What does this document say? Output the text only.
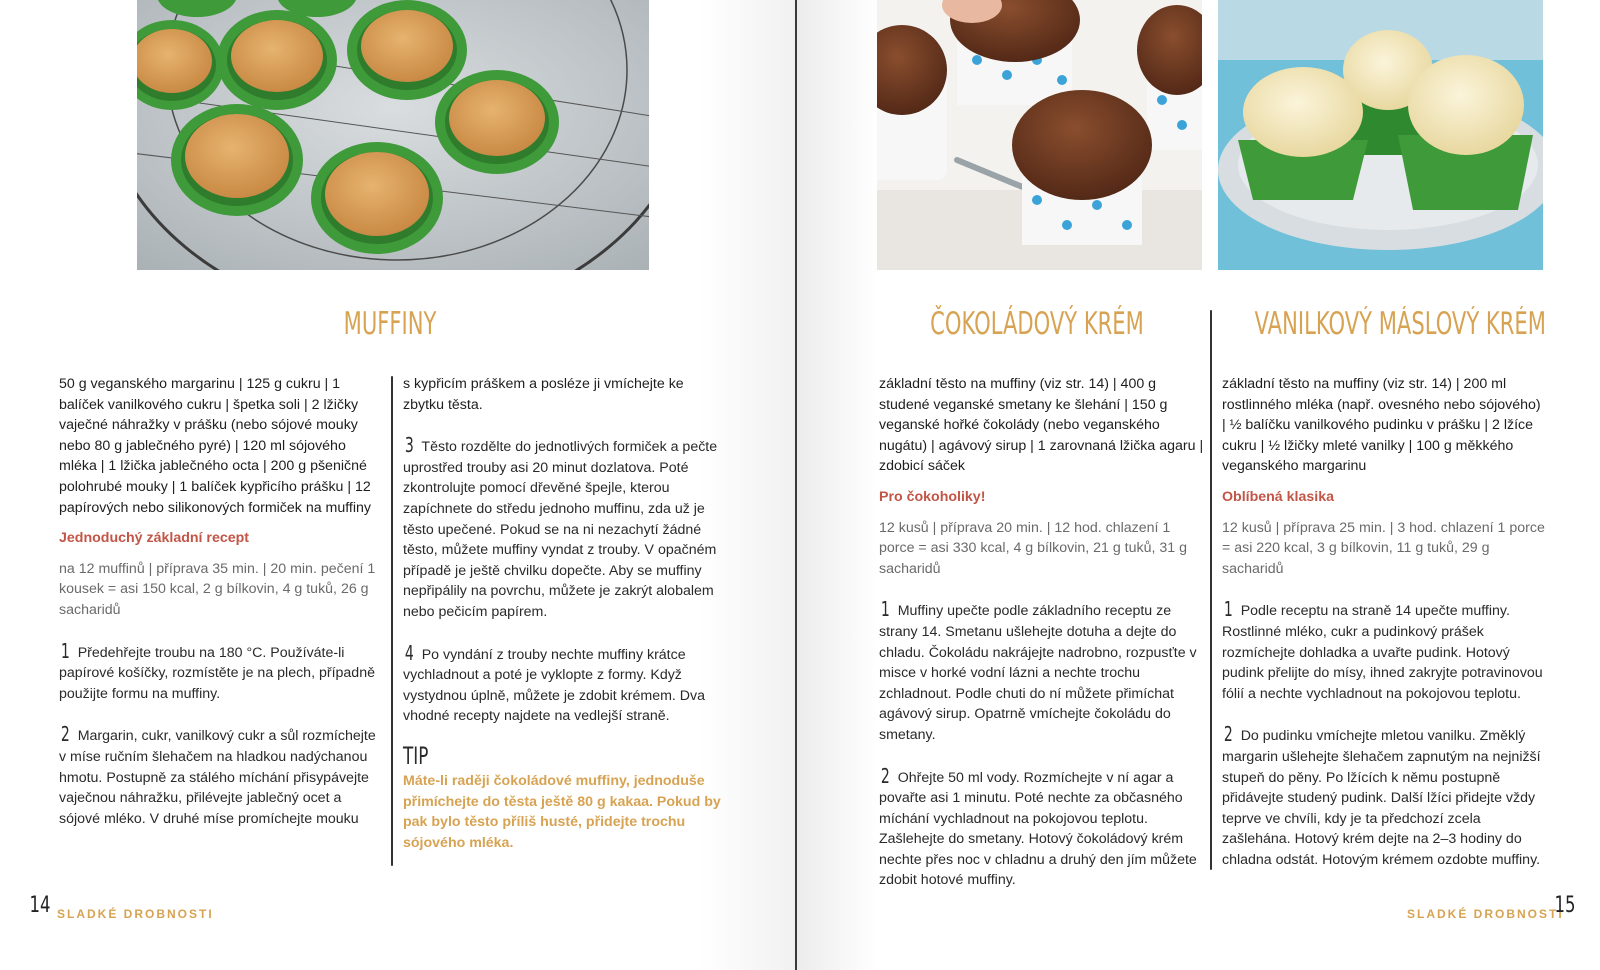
MUFFINY

50 g veganského margarinu | 125 g cukru | 1 balíček vanilkového cukru | špetka soli | 2 lžičky vaječné náhražky v prášku (nebo sójové mouky nebo 80 g jablečného pyré) | 120 ml sójového mléka | 1 lžička jablečného octa | 200 g pšeničné polohrubé mouky | 1 balíček kypřicího prášku | 12 papírových nebo silikonových formiček na muffiny

Jednoduchý základní recept

na 12 muffinů | příprava 35 min. | 20 min. pečení 1 kousek = asi 150 kcal, 2 g bílkovin, 4 g tuků, 26 g sacharidů

1 Předehřejte troubu na 180 °C. Používáte-li papírové košíčky, rozmístěte je na plech, případně použijte formu na muffiny.

2 Margarin, cukr, vanilkový cukr a sůl rozmíchejte v míse ručním šlehačem na hladkou nadýchanou hmotu. Postupně za stálého míchání přisypávejte vaječnou náhražku, přilévejte jablečný ocet a sójové mléko. V druhé míse promíchejte mouku

s kypřicím práškem a posléze ji vmíchejte ke zbytku těsta.

3 Těsto rozdělte do jednotlivých formiček a pečte uprostřed trouby asi 20 minut dozlatova. Poté zkontrolujte pomocí dřevěné špejle, kterou zapíchnete do středu jednoho muffinu, zda už je těsto upečené. Pokud se na ni nezachytí žádné těsto, můžete muffiny vyndat z trouby. V opačném případě je ještě chvilku dopečte. Aby se muffiny nepřipálily na povrchu, můžete je zakrýt alobalem nebo pečicím papírem.

4 Po vyndání z trouby nechte muffiny krátce vychladnout a poté je vyklopte z formy. Když vystydnou úplně, můžete je zdobit krémem. Dva vhodné recepty najdete na vedlejší straně.

TIP

Máte-li raději čokoládové muffiny, jednoduše přimíchejte do těsta ještě 80 g kakaa. Pokud by pak bylo těsto příliš husté, přidejte trochu sójového mléka.

14 SLADKÉ DROBNOSTI
ČOKOLÁDOVÝ KRÉM	VANILKOVÝ MÁSLOVÝ KRÉM

základní těsto na muffiny (viz str. 14) | 400 g studené veganské smetany ke šlehání | 150 g veganské hořké čokolády (nebo veganského nugátu) | agávový sirup | 1 zarovnaná lžička agaru | zdobicí sáček

Pro čokoholiky!

12 kusů | příprava 20 min. | 12 hod. chlazení 1 porce = asi 330 kcal, 4 g bílkovin, 21 g tuků, 31 g sacharidů

1 Muffiny upečte podle základního receptu ze strany 14. Smetanu ušlehejte dotuha a dejte do chladu. Čokoládu nakrájejte nadrobno, rozpusťte v misce v horké vodní lázni a nechte trochu zchladnout. Podle chuti do ní můžete přimíchat agávový sirup. Opatrně vmíchejte čokoládu do smetany.

2 Ohřejte 50 ml vody. Rozmíchejte v ní agar a povařte asi 1 minutu. Poté nechte za občasného míchání vychladnout na pokojovou teplotu. Zašlehejte do smetany. Hotový čokoládový krém nechte přes noc v chladnu a druhý den jím můžete zdobit hotové muffiny.

základní těsto na muffiny (viz str. 14) | 200 ml rostlinného mléka (např. ovesného nebo sójového) | ½ balíčku vanilkového pudinku v prášku | 2 lžíce cukru | ½ lžičky mleté vanilky | 100 g měkkého veganského margarinu

Oblíbená klasika

12 kusů | příprava 25 min. | 3 hod. chlazení 1 porce = asi 220 kcal, 3 g bílkovin, 11 g tuků, 29 g sacharidů

1 Podle receptu na straně 14 upečte muffiny. Rostlinné mléko, cukr a pudinkový prášek rozmíchejte dohladka a uvařte pudink. Hotový pudink přelijte do mísy, ihned zakryjte potravinovou fólií a nechte vychladnout na pokojovou teplotu.

2 Do pudinku vmíchejte mletou vanilku. Změklý margarin ušlehejte šlehačem zapnutým na nejnižší stupeň do pěny. Po lžících k němu postupně přidávejte studený pudink. Další lžíci přidejte vždy teprve ve chvíli, kdy je ta předchozí zcela zašlehána. Hotový krém dejte na 2–3 hodiny do chladna odstát. Hotovým krémem ozdobte muffiny.

SLADKÉ DROBNOSTI
15
